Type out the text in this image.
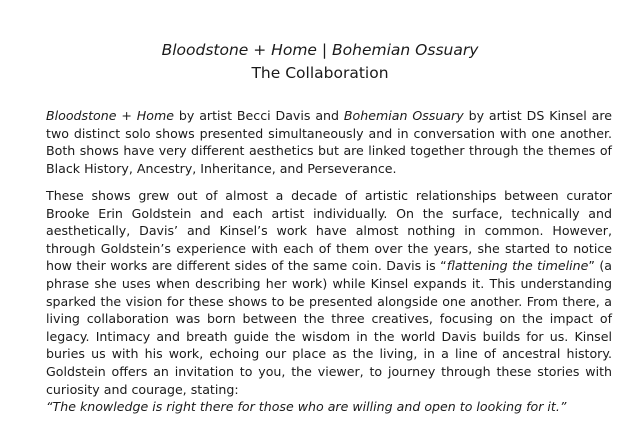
Bloodstone + Home | Bohemian Ossuary
The Collaboration

Bloodstone + Home by artist Becci Davis and Bohemian Ossuary by artist DS Kinsel are two distinct solo shows presented simultaneously and in conversation with one another. Both shows have very different aesthetics but are linked together through the themes of Black History, Ancestry, Inheritance, and Perseverance.

These shows grew out of almost a decade of artistic relationships between curator Brooke Erin Goldstein and each artist individually. On the surface, technically and aesthetically, Davis’ and Kinsel’s work have almost nothing in common. However, through Goldstein’s experience with each of them over the years, she started to notice how their works are different sides of the same coin. Davis is “flattening the timeline” (a phrase she uses when describing her work) while Kinsel expands it. This understanding sparked the vision for these shows to be presented alongside one another. From there, a living collaboration was born between the three creatives, focusing on the impact of legacy. Intimacy and breath guide the wisdom in the world Davis builds for us. Kinsel buries us with his work, echoing our place as the living, in a line of ancestral history. Goldstein offers an invitation to you, the viewer, to journey through these stories with curiosity and courage, stating:
“The knowledge is right there for those who are willing and open to looking for it.”
